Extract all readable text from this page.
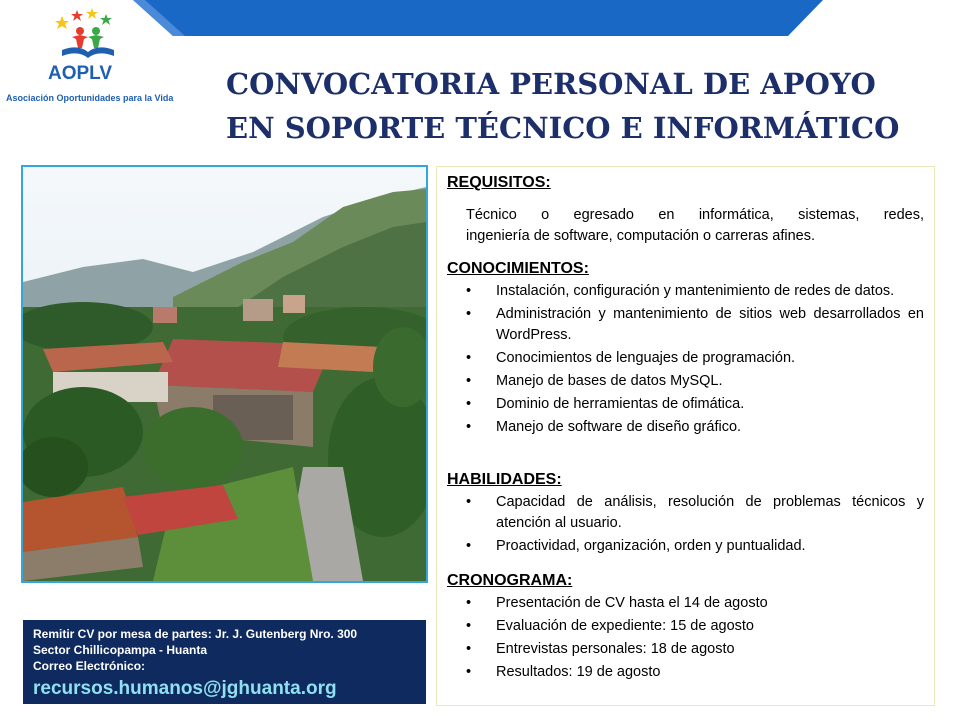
AOPLV
Asociación Oportunidades para la Vida CONVOCATORIA PERSONAL DE APOYO
EN SOPORTE TÉCNICO E INFORMÁTICO
Remitir CV por mesa de partes: Jr. J. Gutenberg Nro. 300
Sector Chillicopampa - Huanta
Correo Electrónico:
recursos.humanos@jghuanta.org
REQUISITOS:
Técnico o egresado en informática, sistemas, redes,
ingeniería de software, computación o carreras afines.
CONOCIMIENTOS:
• Instalación, configuración y mantenimiento de redes de datos.
• Administración y mantenimiento de sitios web desarrollados en WordPress.
• Conocimientos de lenguajes de programación.
• Manejo de bases de datos MySQL.
• Dominio de herramientas de ofimática.
• Manejo de software de diseño gráfico.
HABILIDADES:
• Capacidad de análisis, resolución de problemas técnicos y atención al usuario.
• Proactividad, organización, orden y puntualidad.
CRONOGRAMA:
• Presentación de CV hasta el 14 de agosto
• Evaluación de expediente: 15 de agosto
• Entrevistas personales: 18 de agosto
• Resultados: 19 de agosto
